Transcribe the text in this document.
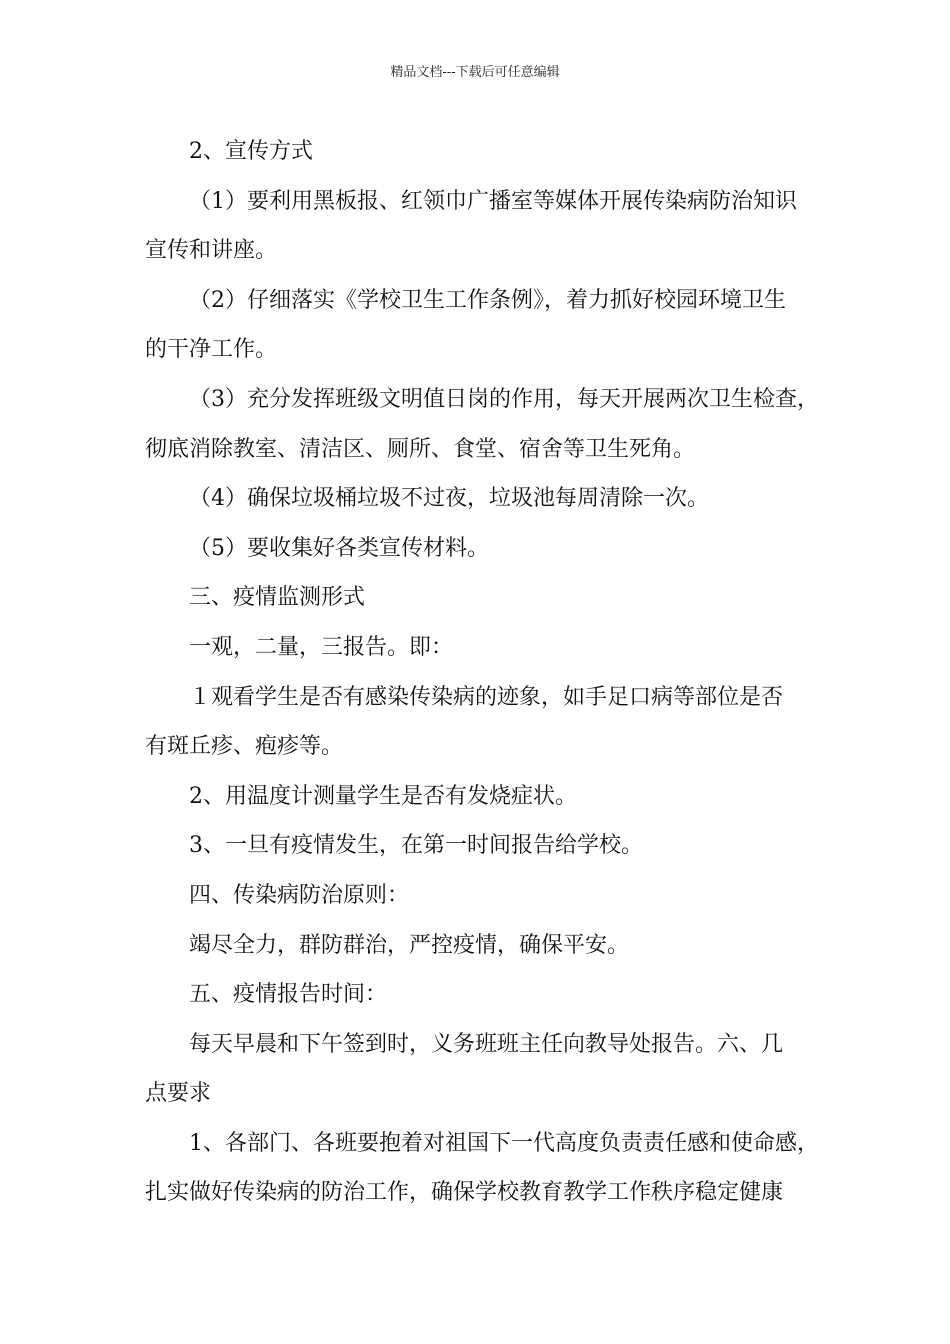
精品文档---下载后可任意编辑
2、宣传方式
（1）要利用黑板报、红领巾广播室等媒体开展传染病防治知识
宣传和讲座。
（2）仔细落实《学校卫生工作条例》，着力抓好校园环境卫生
的干净工作。
（3）充分发挥班级文明值日岗的作用，每天开展两次卫生检查，
彻底消除教室、清洁区、厕所、食堂、宿舍等卫生死角。
（4）确保垃圾桶垃圾不过夜，垃圾池每周清除一次。
（5）要收集好各类宣传材料。
三、疫情监测形式
一观，二量，三报告。即：
１观看学生是否有感染传染病的迹象，如手足口病等部位是否
有斑丘疹、疱疹等。
2、用温度计测量学生是否有发烧症状。
3、一旦有疫情发生，在第一时间报告给学校。
四、传染病防治原则：
竭尽全力，群防群治，严控疫情，确保平安。
五、疫情报告时间：
每天早晨和下午签到时，义务班班主任向教导处报告。六、几
点要求
1、各部门、各班要抱着对祖国下一代高度负责责任感和使命感，
扎实做好传染病的防治工作，确保学校教育教学工作秩序稳定健康
